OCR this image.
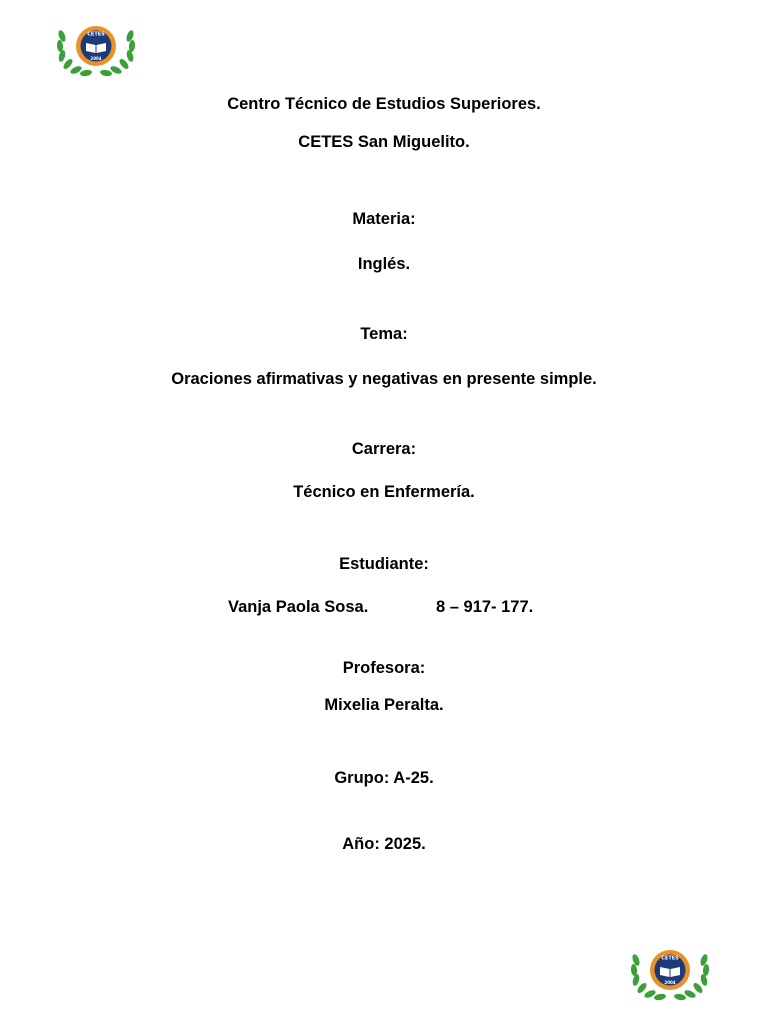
CETES
2004
Centro Técnico de Estudios Superiores.
CETES San Miguelito.
Materia:
Inglés.
Tema:
Oraciones afirmativas y negativas en presente simple.
Carrera:
Técnico en Enfermería.
Estudiante:
Vanja Paola Sosa.	8 – 917- 177.
Profesora:
Mixelia Peralta.
Grupo: A-25.
Año: 2025.
CETES
2004
